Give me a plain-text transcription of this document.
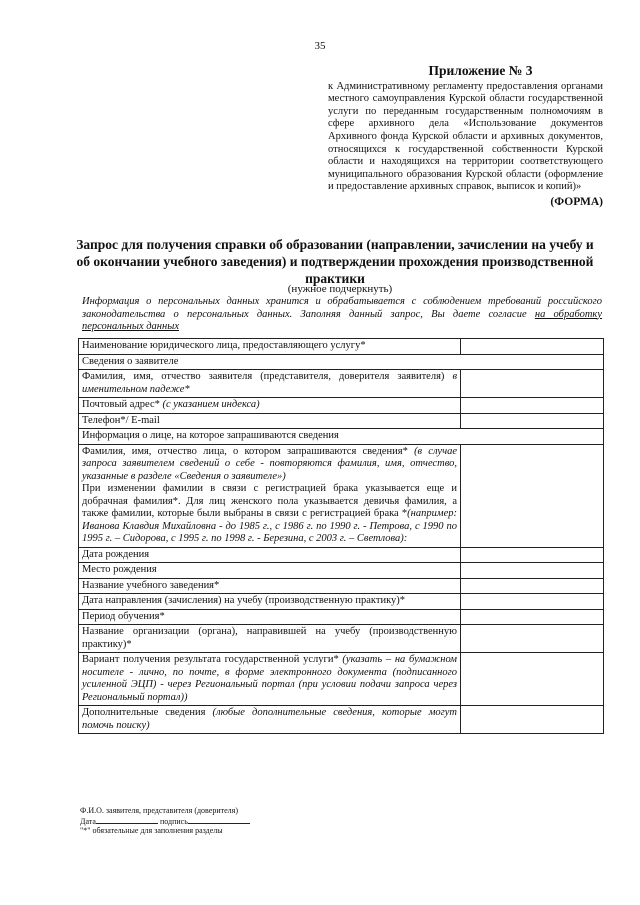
35
Приложение № 3
к Административному регламенту предоставления органами местного самоуправления Курской области государственной услуги по переданным государственным полномочиям в сфере архивного дела «Использование документов Архивного фонда Курской области и архивных документов, относящихся к государственной собственности Курской области и находящихся на территории соответствующего муниципального образования Курской области (оформление и предоставление архивных справок, выписок и копий)»
(ФОРМА)
Запрос для получения справки об образовании (направлении, зачислении на учебу и об окончании учебного заведения) и подтверждении прохождения производственной практики
(нужное подчеркнуть)
Информация о персональных данных хранится и обрабатывается с соблюдением требований российского законодательства о персональных данных. Заполняя данный запрос, Вы даете согласие на обработку персональных данных
Наименование юридического лица, предоставляющего услугу*	
Сведения о заявителе	
Фамилия, имя, отчество заявителя (представителя, доверителя заявителя) в именительном падеже*	
Почтовый адрес* (с указанием индекса)	
Телефон*/ E-mail	
Информация о лице, на которое запрашиваются сведения	
Фамилия, имя, отчество лица, о котором запрашиваются сведения* (в случае запроса заявителем сведений о себе - повторяются фамилия, имя, отчество, указанные в разделе «Сведения о заявителе»)
При изменении фамилии в связи с регистрацией брака указывается еще и добрачная фамилия*. Для лиц женского пола указывается девичья фамилия, а также фамилии, которые были выбраны в связи с регистрацией брака *(например: Иванова Клавдия Михайловна - до 1985 г., с 1986 г. по 1990 г. - Петрова, с 1990 по 1995 г. – Сидорова, с 1995 г. по 1998 г. - Березина, с 2003 г. – Светлова):	
Дата рождения	
Место рождения	
Название учебного заведения*	
Дата направления (зачисления) на учебу (производственную практику)*	
Период обучения*	
Название организации (органа), направившей на учебу (производственную практику)*	
Вариант получения результата государственной услуги* (указать – на бумажном носителе - лично, по почте, в форме электронного документа (подписанного усиленной ЭЦП) - через Региональный портал (при условии подачи запроса через Региональный портал))	
Дополнительные сведения (любые дополнительные сведения, которые могут помочь поиску)	
Ф.И.О. заявителя, представителя (доверителя)
Дата	подпись
"*" обязательные для заполнения разделы
